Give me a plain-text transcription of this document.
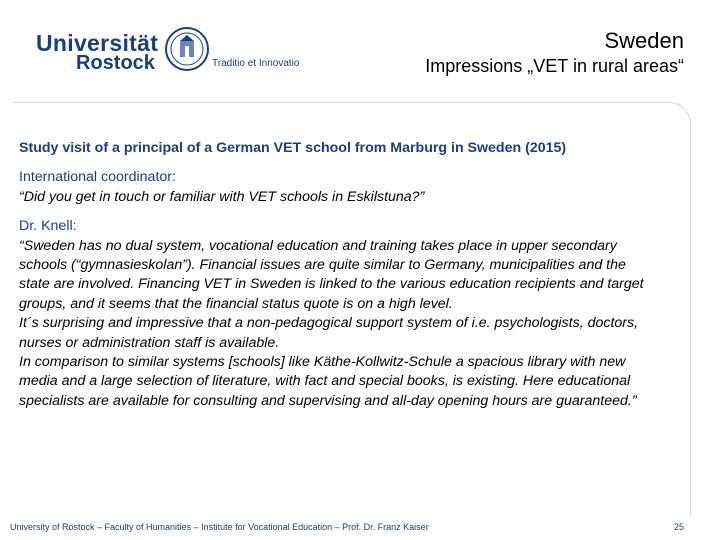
Universität
Rostock	Traditio et Innovatio
Sweden
Impressions „VET in rural areas“

Study visit of a principal of a German VET school from Marburg in Sweden (2015)

International coordinator:

“Did you get in touch or familiar with VET schools in Eskilstuna?”

Dr. Knell:

“Sweden has no dual system, vocational education and training takes place in upper secondary schools (“gymnasieskolan”). Financial issues are quite similar to Germany, municipalities and the state are involved. Financing VET in Sweden is linked to the various education recipients and target groups, and it seems that the financial status quote is on a high level.
It´s surprising and impressive that a non-pedagogical support system of i.e. psychologists, doctors, nurses or administration staff is available.
In comparison to similar systems [schools] like Käthe-Kollwitz-Schule a spacious library with new media and a large selection of literature, with fact and special books, is existing. Here educational specialists are available for consulting and supervising and all-day opening hours are guaranteed.”

University of Rostock – Faculty of Humanities – Institute for Vocational Education – Prof. Dr. Franz Kaiser	25
